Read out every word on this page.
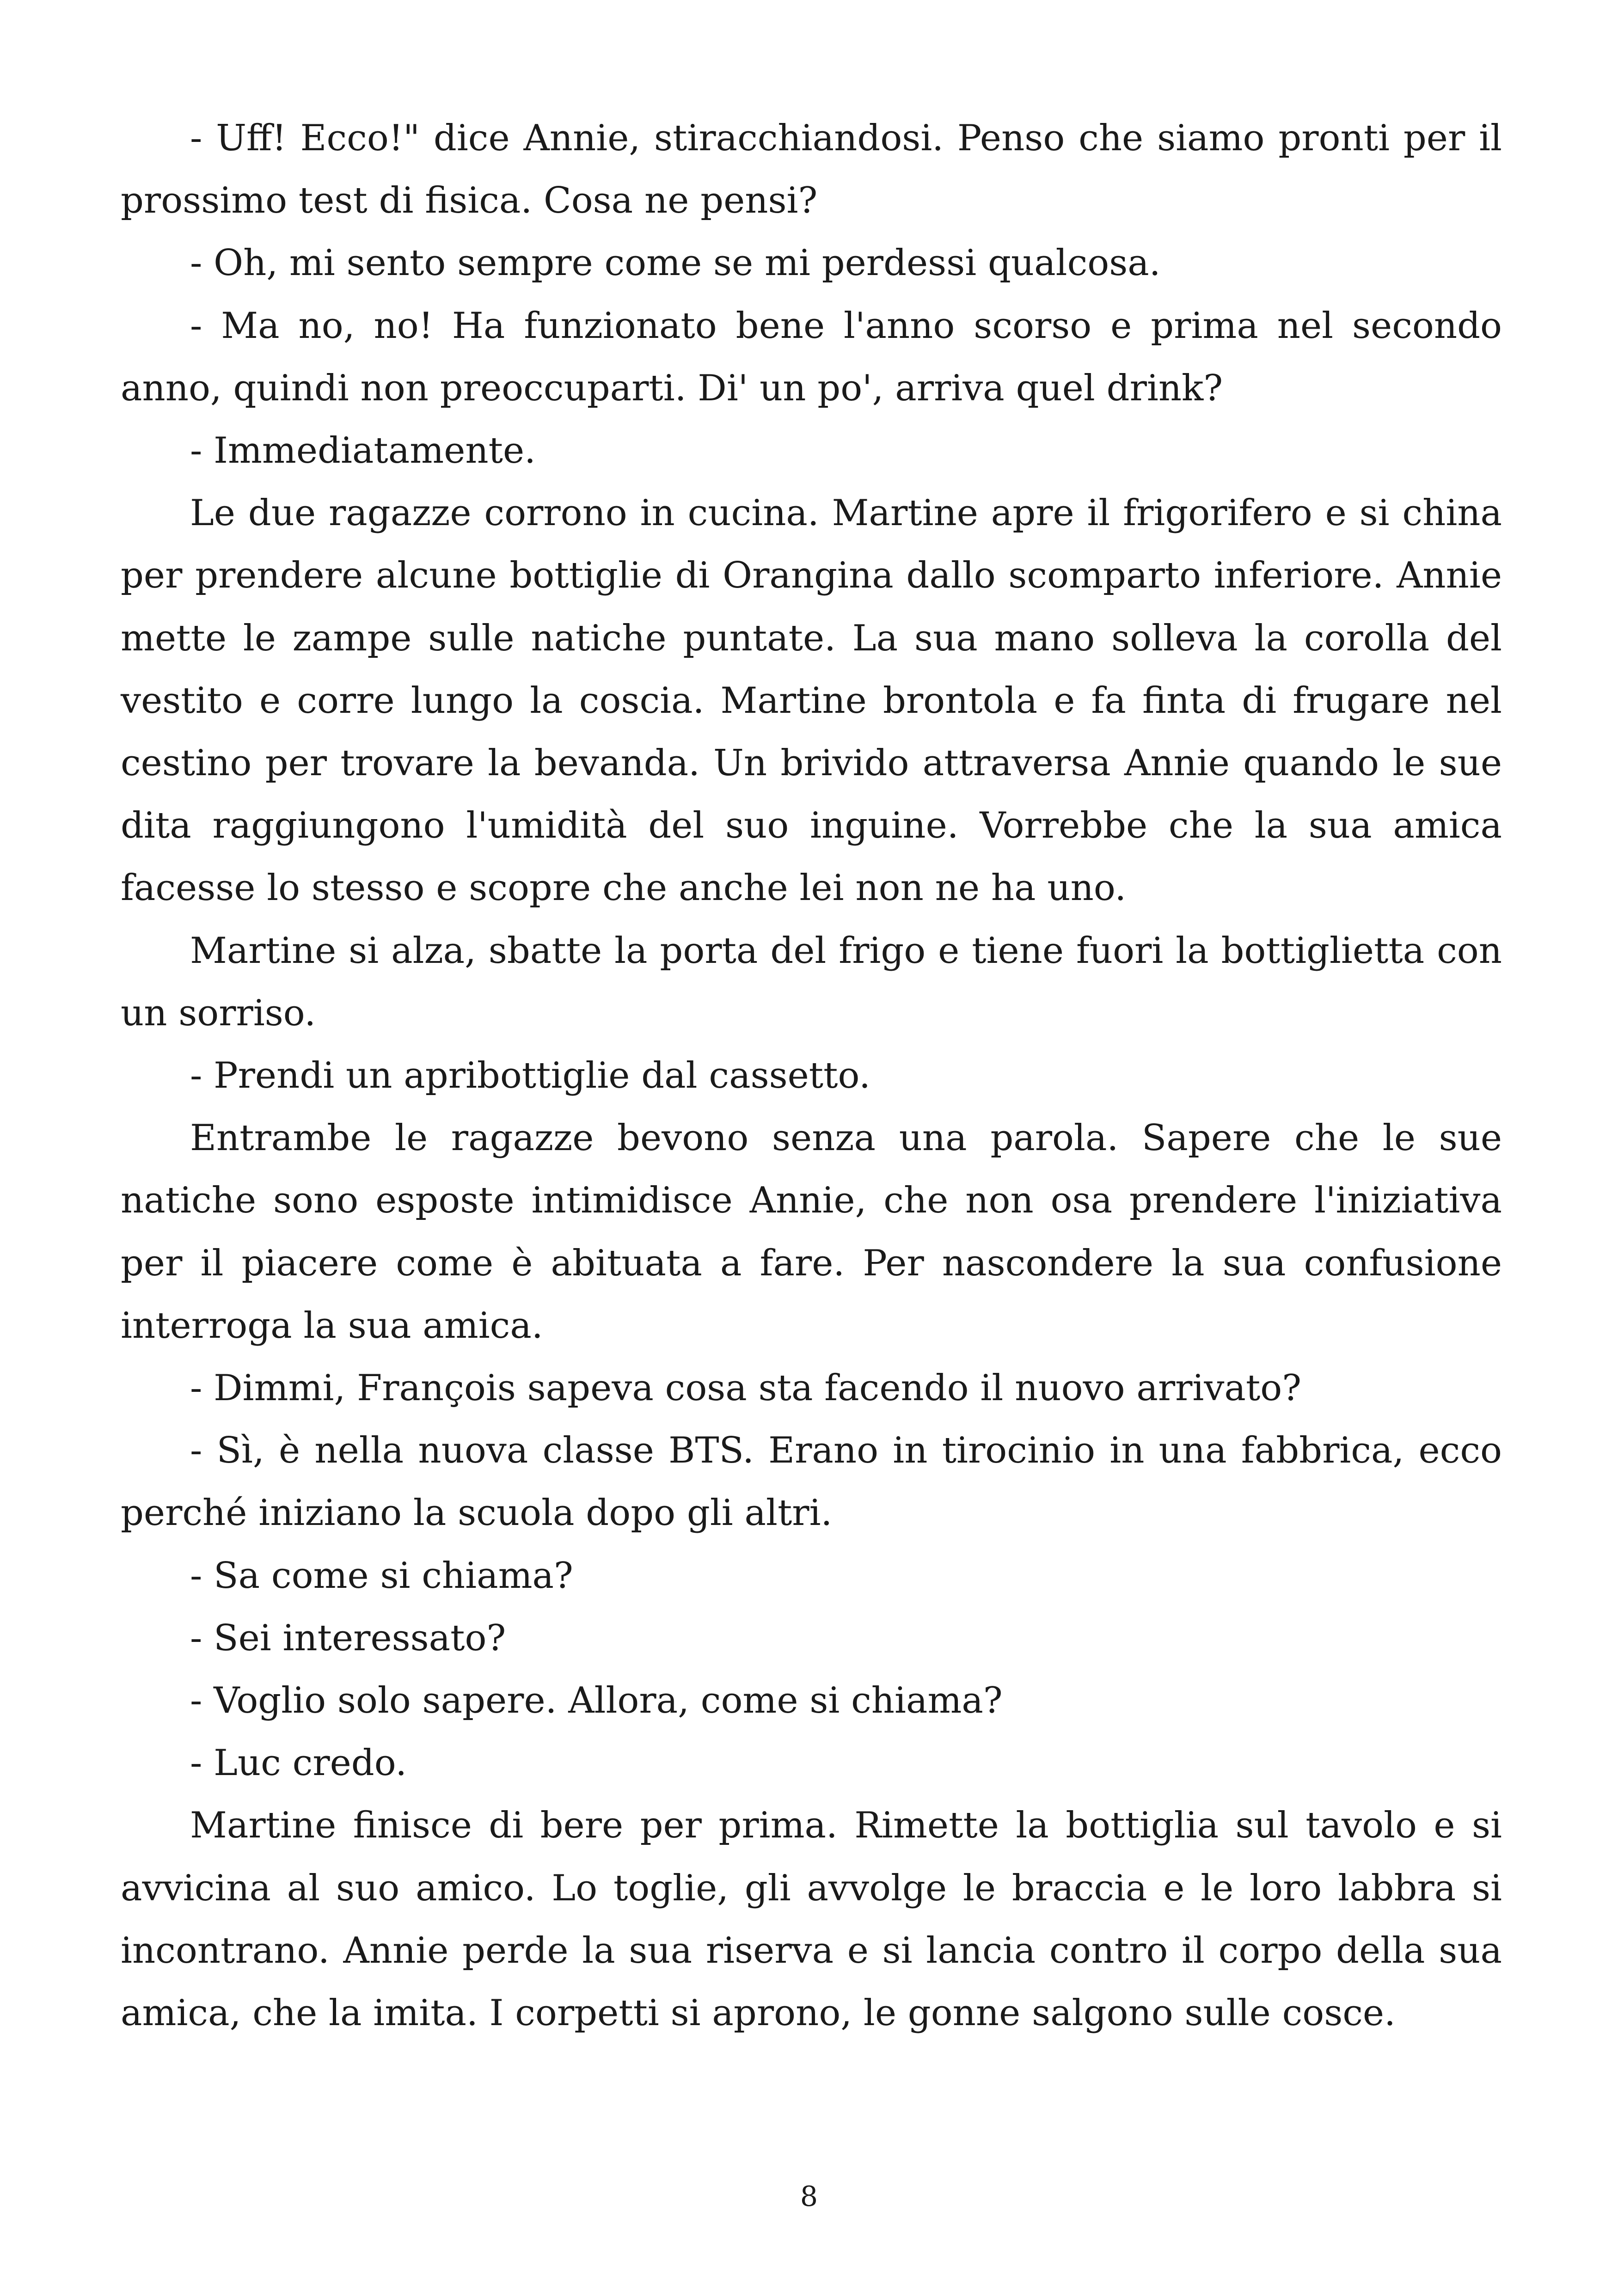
- Uff! Ecco!" dice Annie, stiracchiandosi. Penso che siamo pronti per il prossimo test di fisica. Cosa ne pensi?

- Oh, mi sento sempre come se mi perdessi qualcosa.

- Ma no, no! Ha funzionato bene l'anno scorso e prima nel secondo anno, quindi non preoccuparti. Di' un po', arriva quel drink?

- Immediatamente.

Le due ragazze corrono in cucina. Martine apre il frigorifero e si china per prendere alcune bottiglie di Orangina dallo scomparto inferiore. Annie mette le zampe sulle natiche puntate. La sua mano solleva la corolla del vestito e corre lungo la coscia. Martine brontola e fa finta di frugare nel cestino per trovare la bevanda. Un brivido attraversa Annie quando le sue dita raggiungono l'umidità del suo inguine. Vorrebbe che la sua amica facesse lo stesso e scopre che anche lei non ne ha uno.

Martine si alza, sbatte la porta del frigo e tiene fuori la bottiglietta con un sorriso.

- Prendi un apribottiglie dal cassetto.

Entrambe le ragazze bevono senza una parola. Sapere che le sue natiche sono esposte intimidisce Annie, che non osa prendere l'iniziativa per il piacere come è abituata a fare. Per nascondere la sua confusione interroga la sua amica.

- Dimmi, François sapeva cosa sta facendo il nuovo arrivato?

- Sì, è nella nuova classe BTS. Erano in tirocinio in una fabbrica, ecco perché iniziano la scuola dopo gli altri.

- Sa come si chiama?

- Sei interessato?

- Voglio solo sapere. Allora, come si chiama?

- Luc credo.

Martine finisce di bere per prima. Rimette la bottiglia sul tavolo e si avvicina al suo amico. Lo toglie, gli avvolge le braccia e le loro labbra si incontrano. Annie perde la sua riserva e si lancia contro il corpo della sua amica, che la imita. I corpetti si aprono, le gonne salgono sulle cosce.

8
